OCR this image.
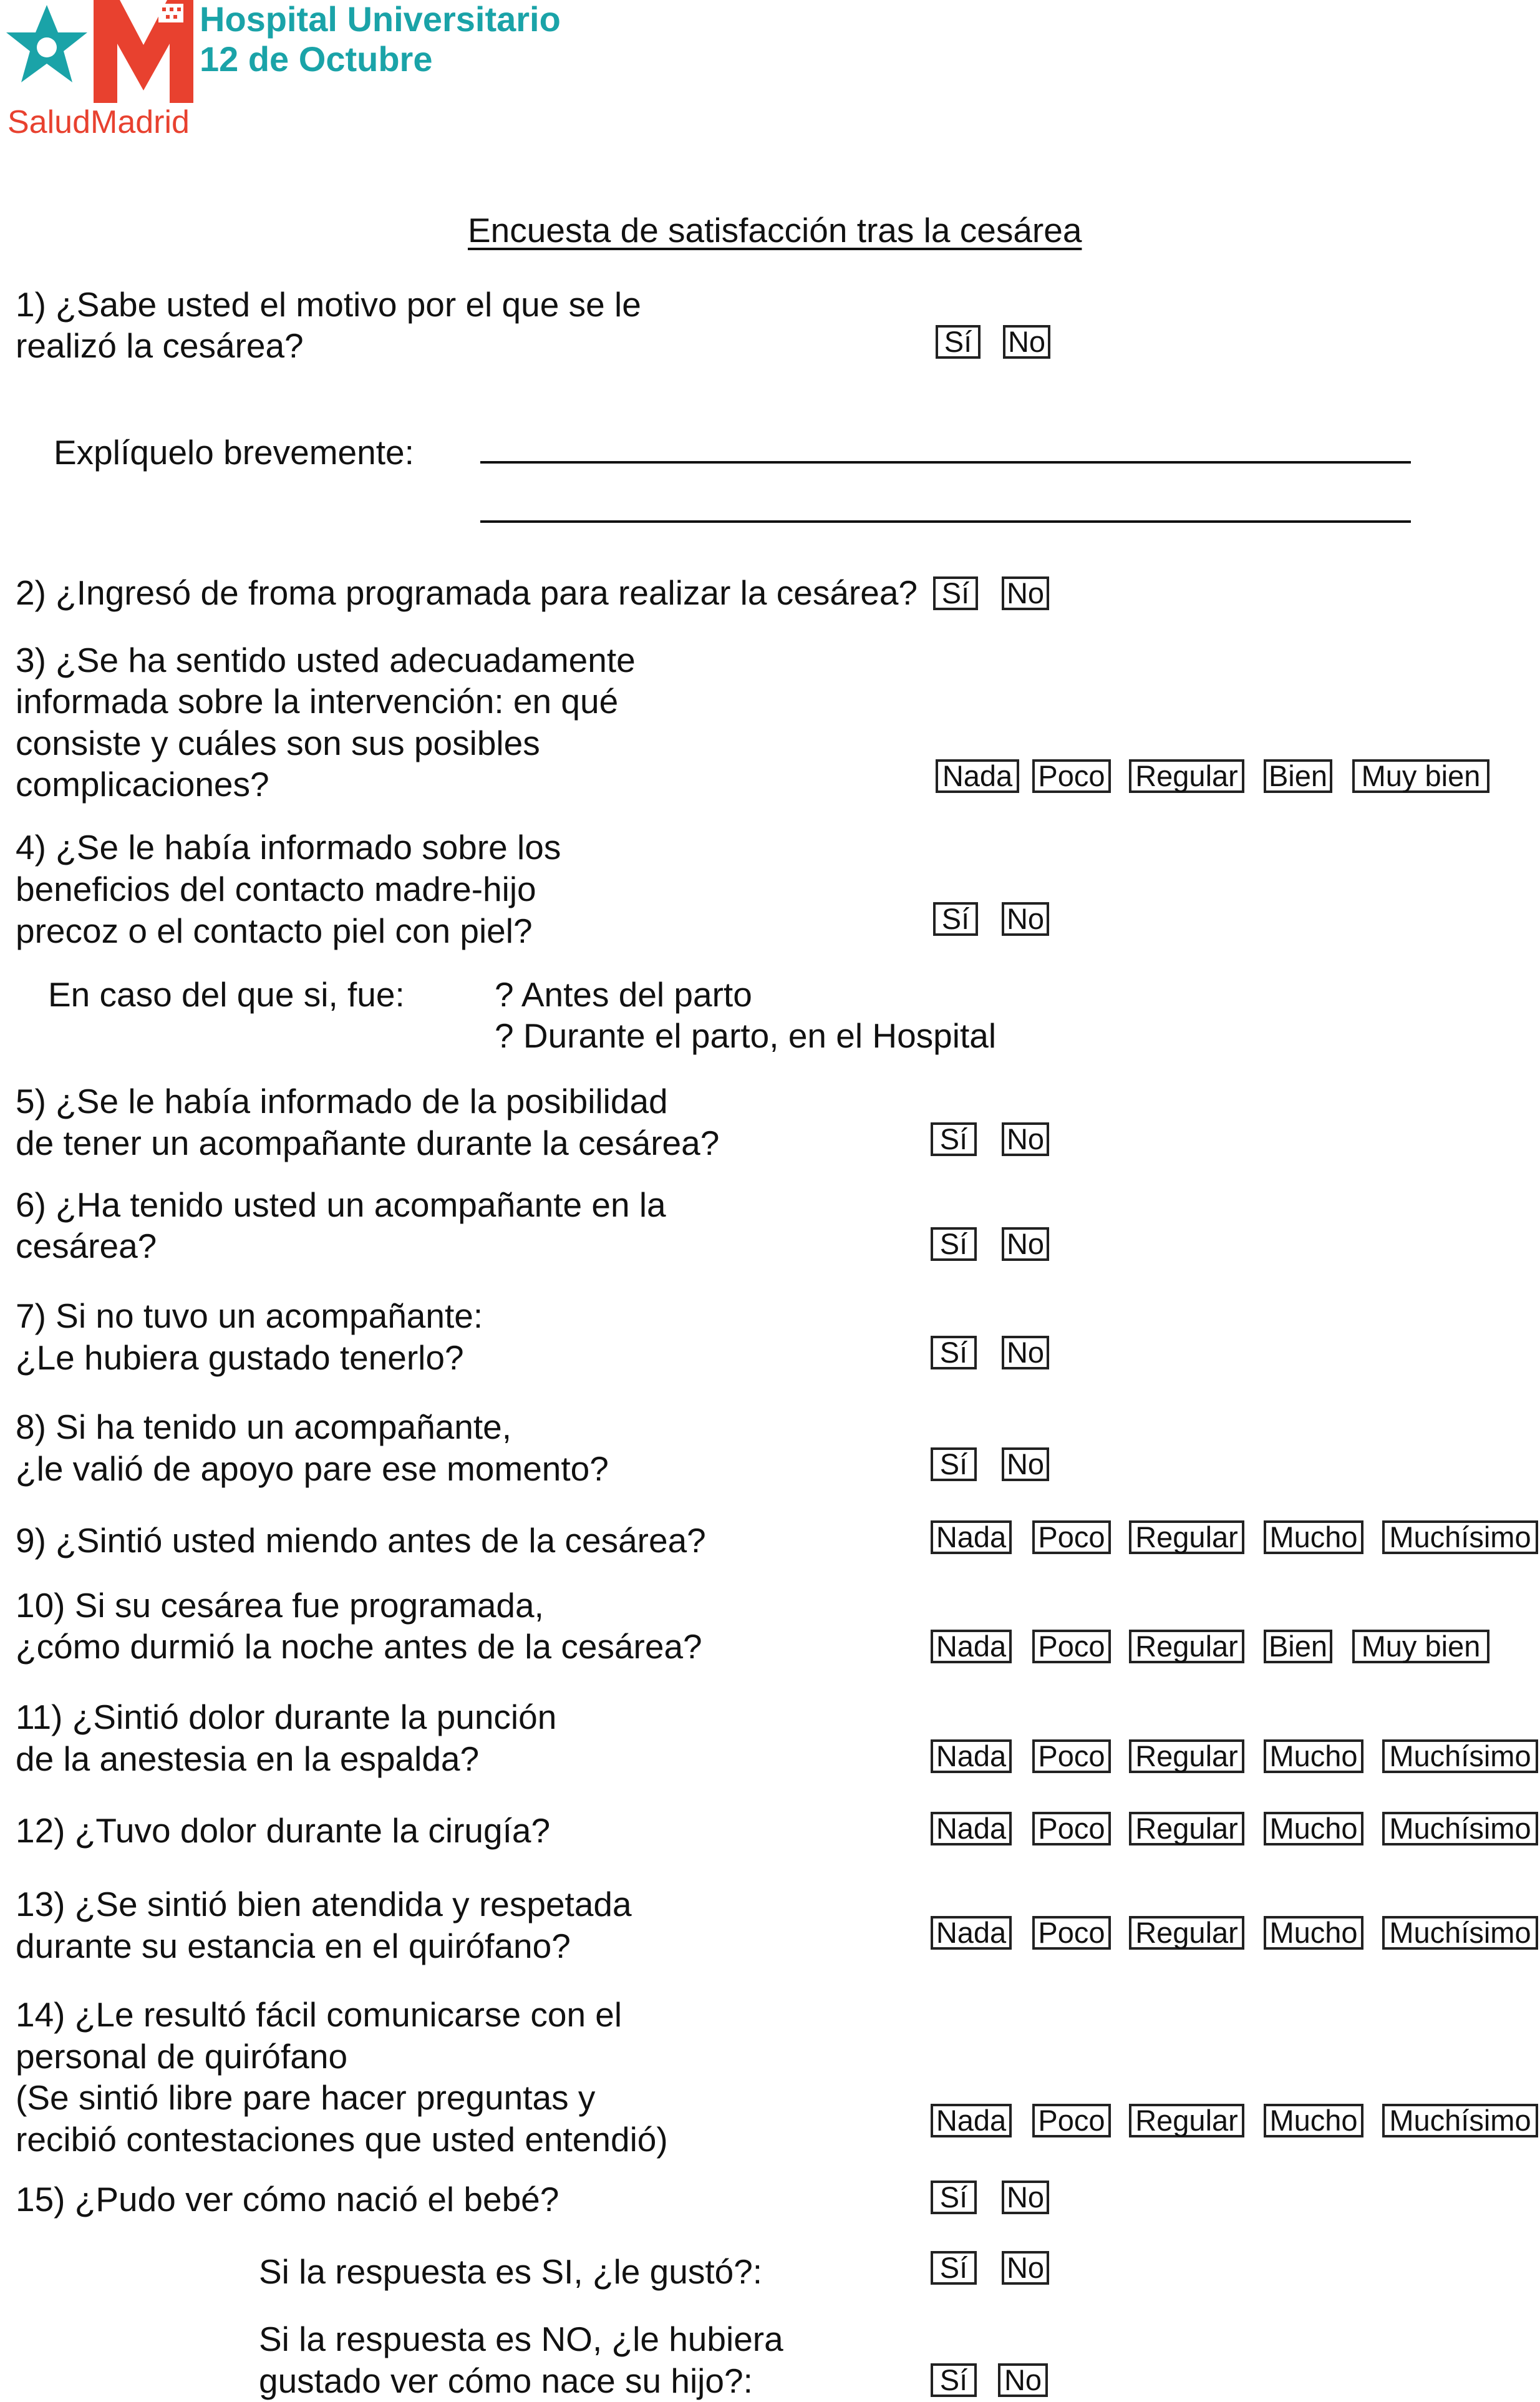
Hospital Universitario
12 de Octubre
SaludMadrid
Encuesta de satisfacción tras la cesárea
1) ¿Sabe usted el motivo por el que se le
realizó la cesárea?	Sí No
Explíquelo brevemente:
2) ¿Ingresó de froma programada para realizar la cesárea? Sí No
3) ¿Se ha sentido usted adecuadamente
informada sobre la intervención: en qué
consiste y cuáles son sus posibles
complicaciones?	Nada Poco Regular Bien	Muy bien
4) ¿Se le había informado sobre los
beneficios del contacto madre-hijo
precoz o el contacto piel con piel?	Sí No
En caso del que si, fue:	? Antes del parto
? Durante el parto, en el Hospital
5) ¿Se le había informado de la posibilidad
de tener un acompañante durante la cesárea?	Sí	No
6) ¿Ha tenido usted un acompañante en la
cesárea?	Sí	No
7) Si no tuvo un acompañante:
¿Le hubiera gustado tenerlo?	Sí	No
8) Si ha tenido un acompañante,
¿le valió de apoyo pare ese momento?	Sí	No
9) ¿Sintió usted miendo antes de la cesárea?	Nada Poco Regular Mucho Muchísimo
10) Si su cesárea fue programada,
¿cómo durmió la noche antes de la cesárea?	Nada Poco Regular Bien	Muy bien
11) ¿Sintió dolor durante la punción
de la anestesia en la espalda?	Nada Poco Regular Mucho Muchísimo
12) ¿Tuvo dolor durante la cirugía?	Nada Poco Regular Mucho Muchísimo
13) ¿Se sintió bien atendida y respetada
durante su estancia en el quirófano?	Nada Poco Regular Mucho Muchísimo
14) ¿Le resultó fácil comunicarse con el
personal de quirófano
(Se sintió libre pare hacer preguntas y
recibió contestaciones que usted entendió)	Nada Poco Regular Mucho Muchísimo
15) ¿Pudo ver cómo nació el bebé?	Sí	No
Si la respuesta es SI, ¿le gustó?:	Sí	No
Si la respuesta es NO, ¿le hubiera
gustado ver cómo nace su hijo?:	Sí	No
